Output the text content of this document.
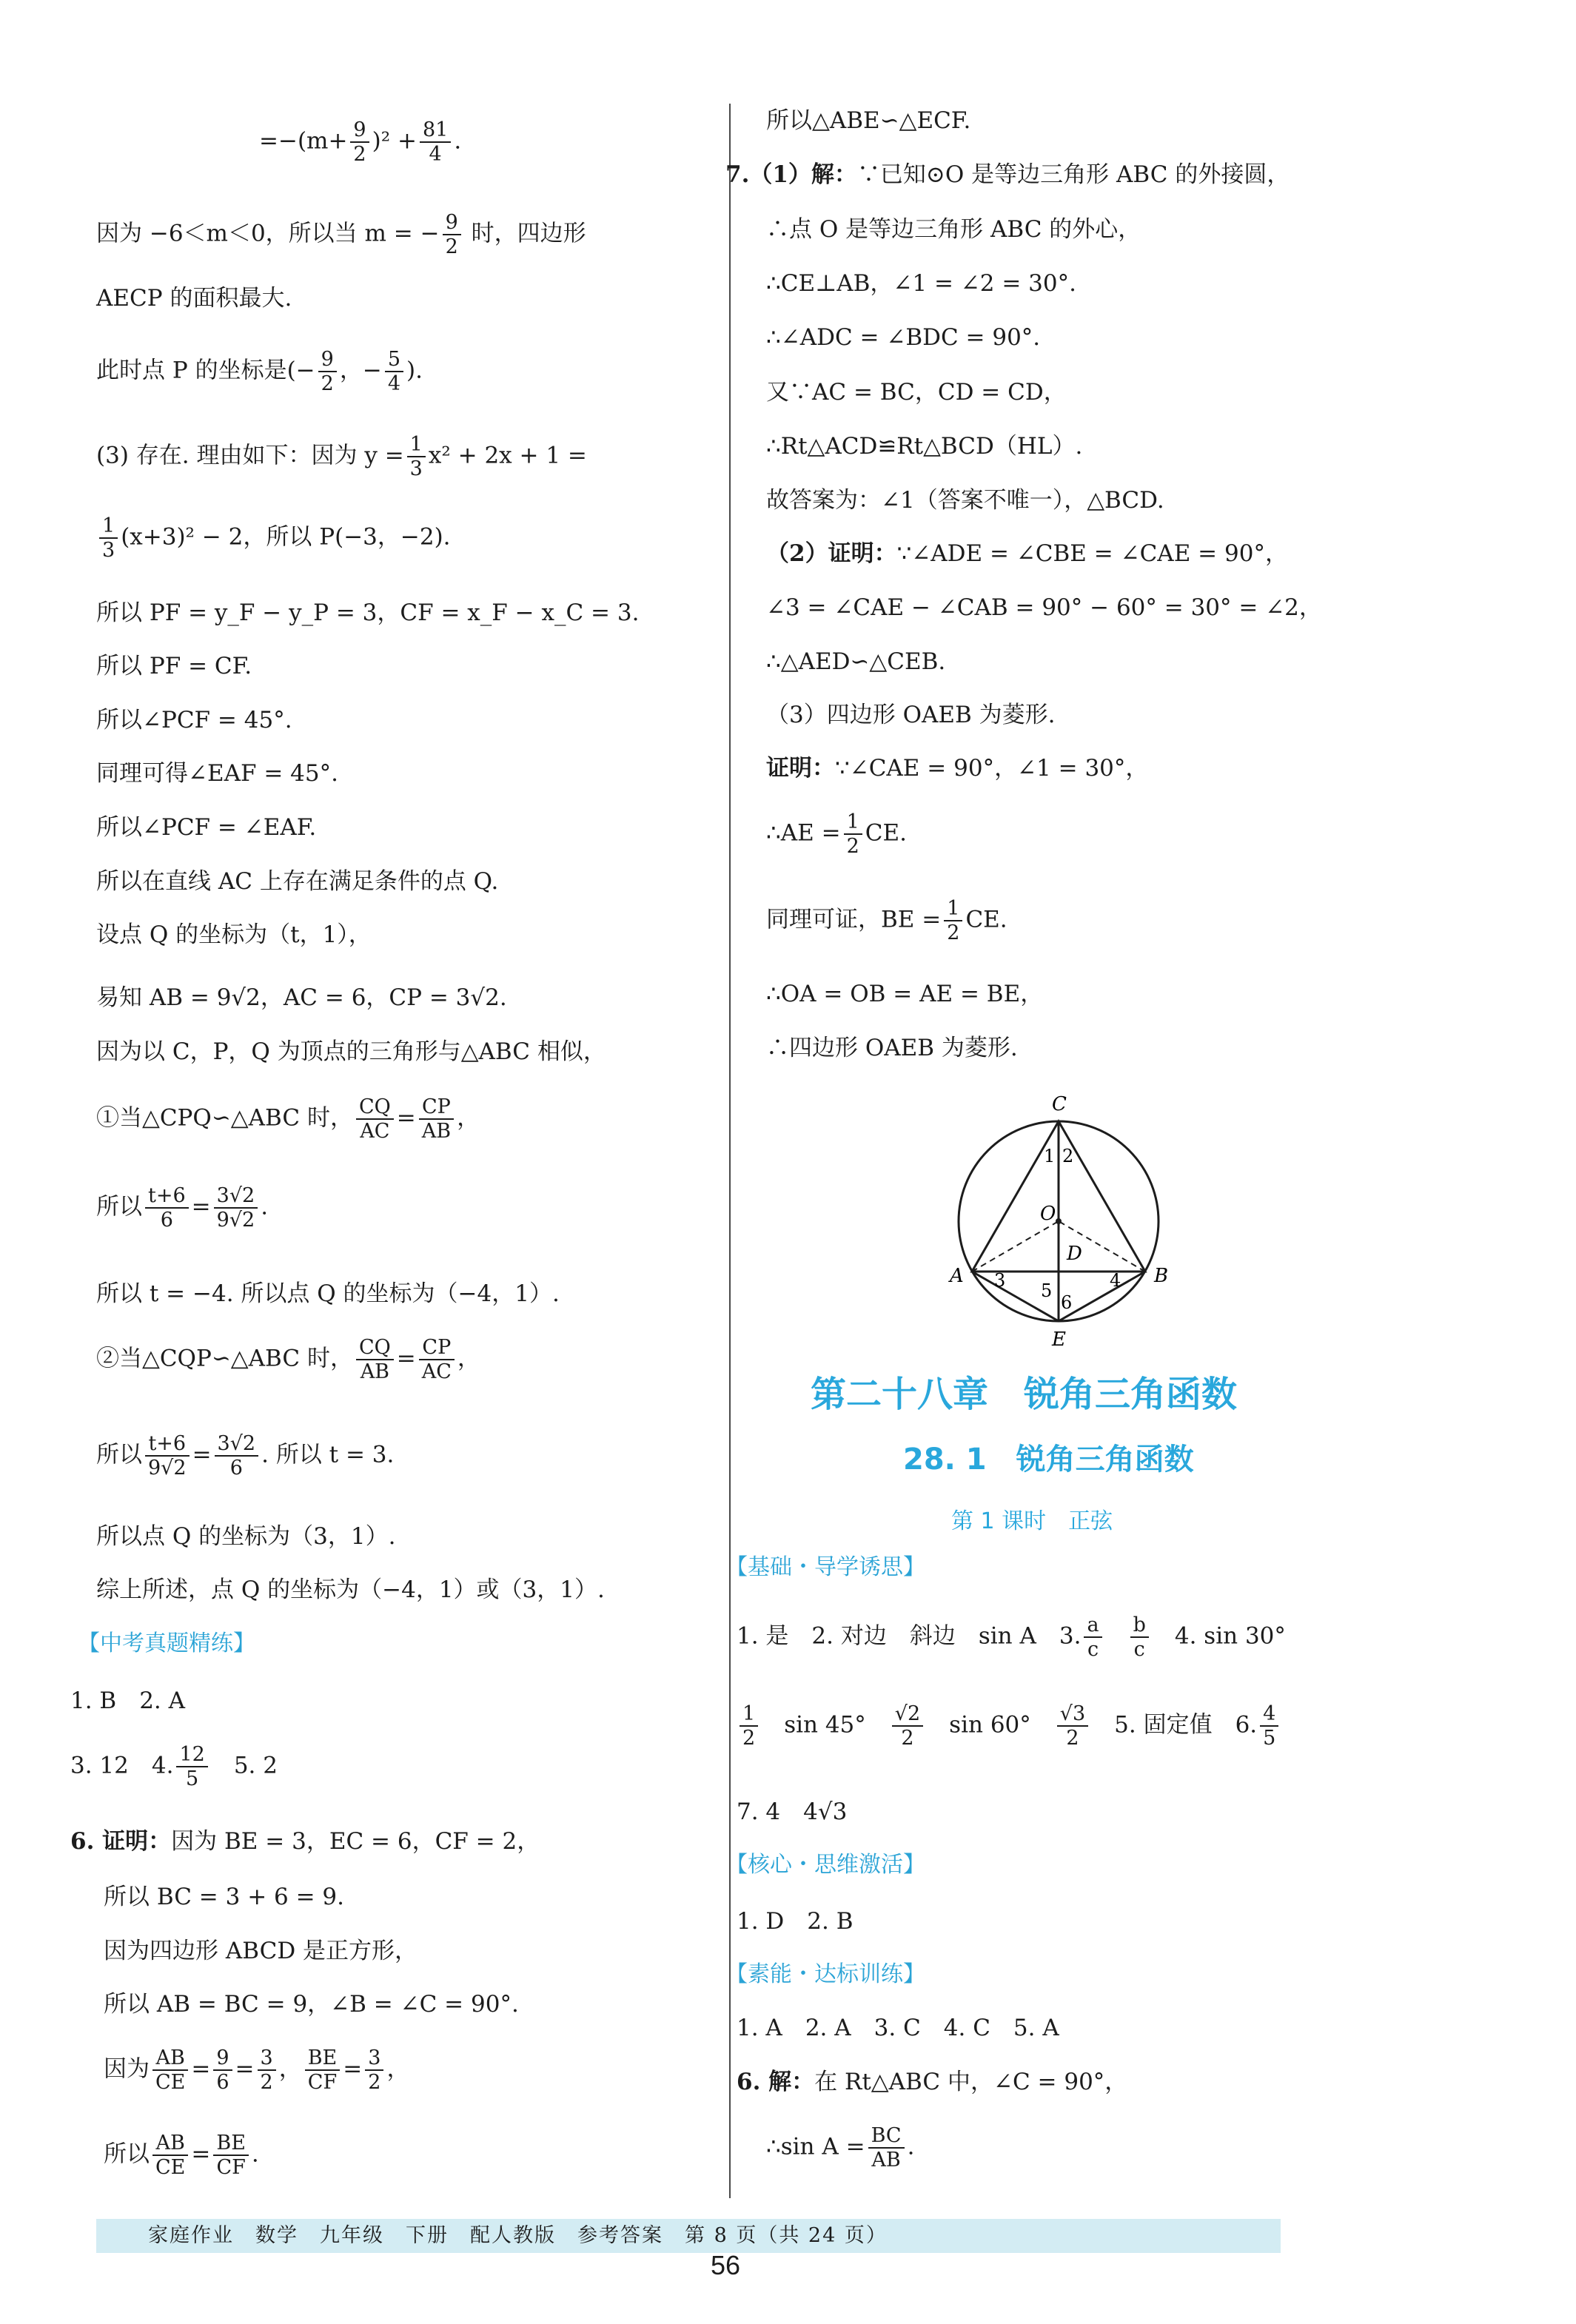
$=-(m+ \frac{9}{2} )^2 + \frac{81}{4}$ .
因为 −6＜m＜0，所以当 m = − $\frac{9}{2}$ 时，四边形
AECP 的面积最大.
此时点 P 的坐标是(− $\frac{9}{2}$ ，− $\frac{5}{4}$ ).
(3) 存在. 理由如下：因为 $y = \frac{1}{3} x^2 + 2x + 1$ =
$\frac{1}{3} (x+3)^2 - 2$，所以 P(−3，−2).
所以 PF = y_F − y_P = 3，CF = x_F − x_C = 3.
所以 PF = CF.
所以∠PCF = 45°.
同理可得∠EAF = 45°.
所以∠PCF = ∠EAF.
所以在直线 AC 上存在满足条件的点 Q.
设点 Q 的坐标为（t，1），
易知 AB = 9√2，AC = 6，CP = 3√2.
因为以 C，P，Q 为顶点的三角形与△ABC 相似，
①当△CPQ∽△ABC 时， $\frac{CQ}{AC} = \frac{CP}{AB}$ ，
所以 $\frac{t+6}{6} = \frac{3√2}{9√2}$ .
所以 t = −4. 所以点 Q 的坐标为（−4，1）.
②当△CQP∽△ABC 时， $\frac{CQ}{AB} = \frac{CP}{AC}$ ，
所以 $\frac{t+6}{9√2} = \frac{3√2}{6}$ . 所以 t = 3.
所以点 Q 的坐标为（3，1）.
综上所述，点 Q 的坐标为（−4，1）或（3，1）.
【中考真题精练】
1. B　2. A
3. 12　4. $\frac{12}{5}$ 　5. 2
6. 证明：因为 BE = 3，EC = 6，CF = 2，
所以 BC = 3 + 6 = 9.
因为四边形 ABCD 是正方形，
所以 AB = BC = 9，∠B = ∠C = 90°.
因为 $\frac{AB}{CE} = \frac{9}{6} = \frac{3}{2}$ ， $\frac{BE}{CF} = \frac{3}{2}$ ，
所以 $\frac{AB}{CE} = \frac{BE}{CF}$ .
所以△ABE∽△ECF.
7.（1）解：∵已知⊙O 是等边三角形 ABC 的外接圆，
∴点 O 是等边三角形 ABC 的外心，
∴CE⊥AB，∠1 = ∠2 = 30°.
∴∠ADC = ∠BDC = 90°.
又∵AC = BC，CD = CD，
∴Rt△ACD≌Rt△BCD（HL）.
故答案为：∠1（答案不唯一），△BCD.
（2）证明：∵∠ADE = ∠CBE = ∠CAE = 90°，
∠3 = ∠CAE − ∠CAB = 90° − 60° = 30° = ∠2，
∴△AED∽△CEB.
（3）四边形 OAEB 为菱形.
证明：∵∠CAE = 90°，∠1 = 30°，
∴AE = $\frac{1}{2}$ CE.
同理可证，BE = $\frac{1}{2}$ CE.
∴OA = OB = AE = BE，
∴四边形 OAEB 为菱形.
第二十八章　锐角三角函数
28. 1　锐角三角函数
第 1 课时　正弦
【基础・导学诱思】
1. 是　2. 对边　斜边　sin A　3. $\frac{a}{c} \frac{b}{c}$ 　4. sin 30°
$\frac{1}{2}$
　 sin 45°　 $\frac{√2}{2}$
　 sin 60°　 $\frac{√3}{2}$
　 5. 固定值　6. $\frac{4}{5}$
7. 4　4√3
【核心・思维激活】
1. D　2. B
【素能・达标训练】
1. A　2. A　3. C　4. C　5. A
6. 解：在 Rt△ABC 中，∠C = 90°，
∴sin $A = \frac{BC}{AB}$ .
C
O
D
A	B
E
1 2
3	4
5
6
家庭作业　数学　九年级　下册　配人教版　参考答案　第 8 页（共 24 页）
56
